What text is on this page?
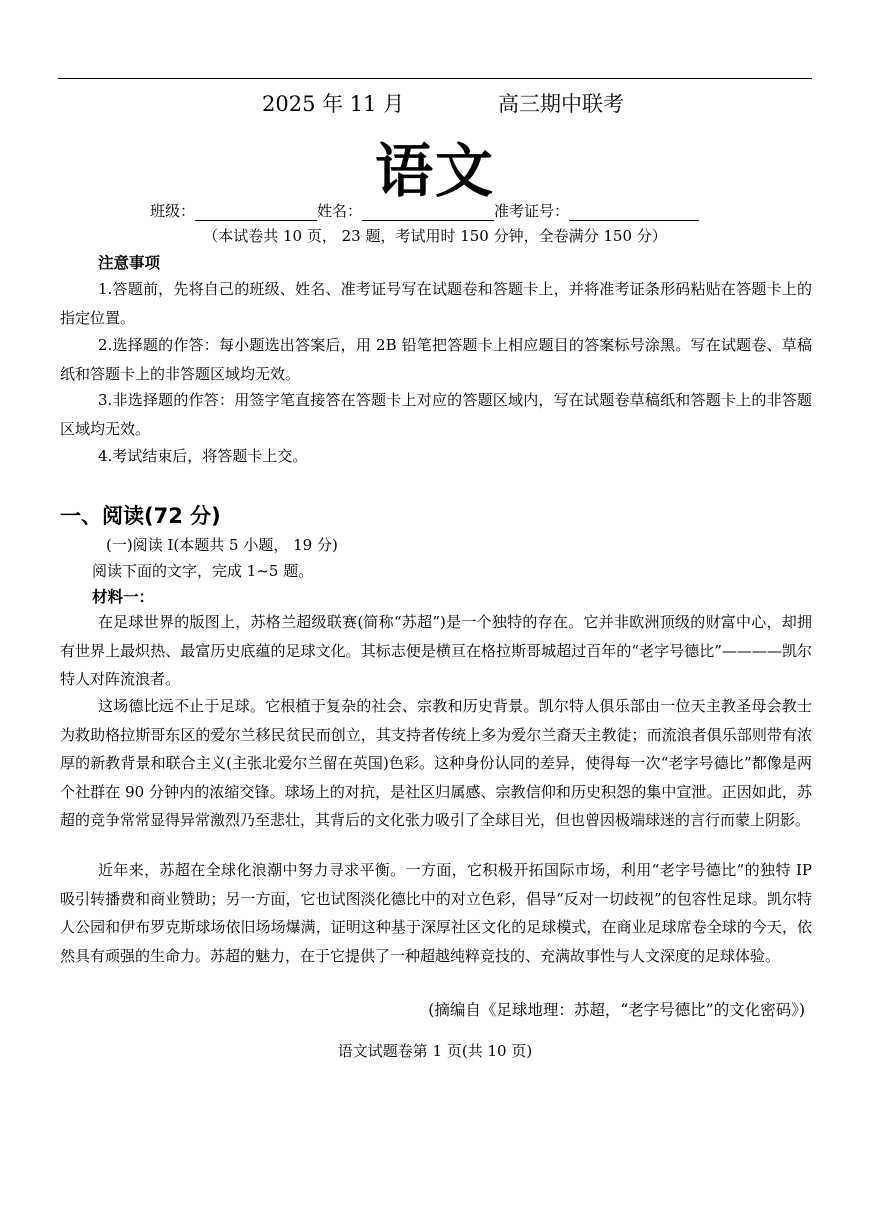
2025 年 11 月	高三期中联考
语文
班级：	姓名：	准考证号：
（本试卷共 10 页， 23 题，考试用时 150 分钟，全卷满分 150 分）
注意事项
1.答题前，先将自己的班级、姓名、准考证号写在试题卷和答题卡上，并将准考证条形码粘贴在答题卡上的指定位置。
2.选择题的作答：每小题选出答案后，用 2B 铅笔把答题卡上相应题目的答案标号涂黑。写在试题卷、草稿纸和答题卡上的非答题区域均无效。
3.非选择题的作答：用签字笔直接答在答题卡上对应的答题区域内，写在试题卷草稿纸和答题卡上的非答题区域均无效。
4.考试结束后，将答题卡上交。
一、阅读(72 分)
(一)阅读 I(本题共 5 小题， 19 分)
阅读下面的文字，完成 1~5 题。
材料一：
在足球世界的版图上，苏格兰超级联赛(简称“苏超”)是一个独特的存在。它并非欧洲顶级的财富中心，却拥有世界上最炽热、最富历史底蕴的足球文化。其标志便是横亘在格拉斯哥城超过百年的“老字号德比”————凯尔特人对阵流浪者。
这场德比远不止于足球。它根植于复杂的社会、宗教和历史背景。凯尔特人俱乐部由一位天主教圣母会教士为救助格拉斯哥东区的爱尔兰移民贫民而创立，其支持者传统上多为爱尔兰裔天主教徒；而流浪者俱乐部则带有浓厚的新教背景和联合主义(主张北爱尔兰留在英国)色彩。这种身份认同的差异，使得每一次“老字号德比”都像是两个社群在 90 分钟内的浓缩交锋。球场上的对抗，是社区归属感、宗教信仰和历史积怨的集中宣泄。正因如此，苏超的竞争常常显得异常激烈乃至悲壮，其背后的文化张力吸引了全球目光，但也曾因极端球迷的言行而蒙上阴影。
近年来，苏超在全球化浪潮中努力寻求平衡。一方面，它积极开拓国际市场，利用“老字号德比”的独特 IP 吸引转播费和商业赞助；另一方面，它也试图淡化德比中的对立色彩，倡导“反对一切歧视”的包容性足球。凯尔特人公园和伊布罗克斯球场依旧场场爆满，证明这种基于深厚社区文化的足球模式，在商业足球席卷全球的今天，依然具有顽强的生命力。苏超的魅力，在于它提供了一种超越纯粹竞技的、充满故事性与人文深度的足球体验。
(摘编自《足球地理：苏超，“老字号德比”的文化密码》)
语文试题卷第 1 页(共 10 页)
